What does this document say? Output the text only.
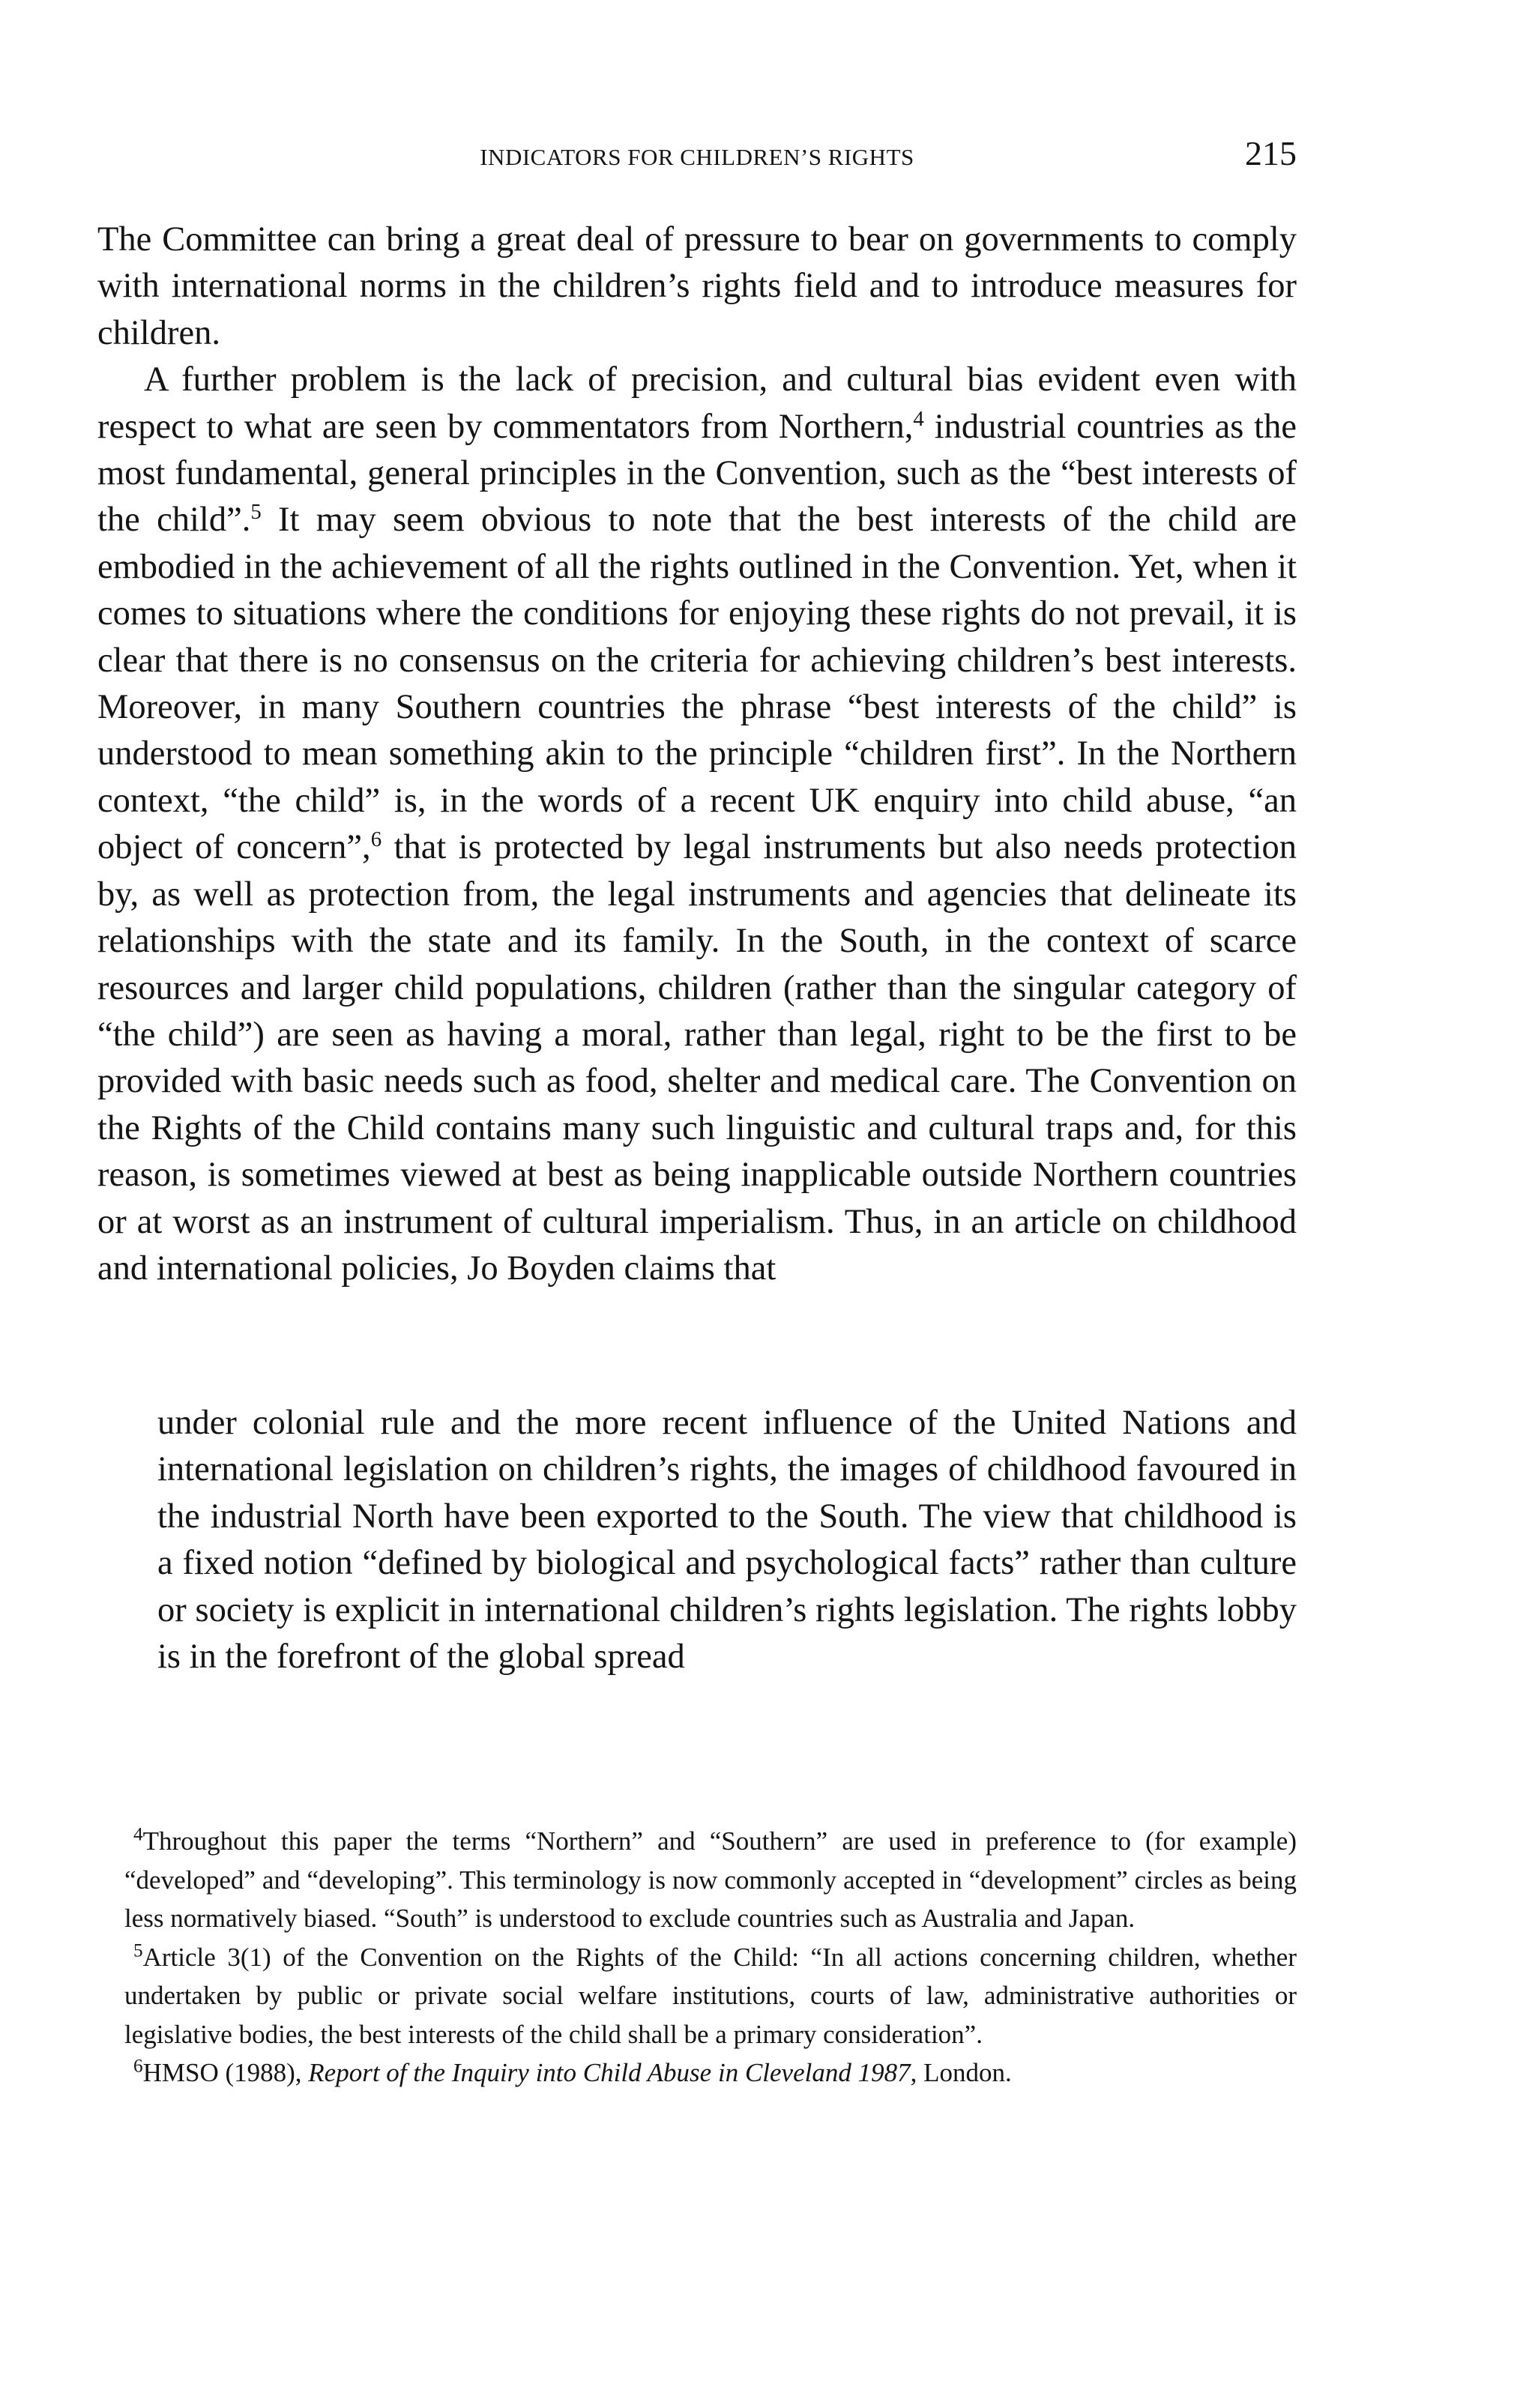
INDICATORS FOR CHILDREN’S RIGHTS	215

The Committee can bring a great deal of pressure to bear on governments to comply with international norms in the children’s rights field and to introduce measures for children.

A further problem is the lack of precision, and cultural bias evident even with respect to what are seen by commentators from Northern,$^4$ industrial countries as the most fundamental, general principles in the Convention, such as the “best interests of the child”.$^5$ It may seem obvious to note that the best interests of the child are embodied in the achievement of all the rights outlined in the Convention. Yet, when it comes to situations where the conditions for enjoying these rights do not prevail, it is clear that there is no consensus on the criteria for achieving children’s best interests. Moreover, in many Southern countries the phrase “best interests of the child” is understood to mean something akin to the principle “children first”. In the Northern context, “the child” is, in the words of a recent UK enquiry into child abuse, “an object of concern”,$^6$ that is protected by legal instruments but also needs protection by, as well as protection from, the legal instruments and agencies that delineate its relationships with the state and its family. In the South, in the context of scarce resources and larger child populations, children (rather than the singular category of “the child”) are seen as having a moral, rather than legal, right to be the first to be provided with basic needs such as food, shelter and medical care. The Convention on the Rights of the Child contains many such linguistic and cultural traps and, for this reason, is sometimes viewed at best as being inapplicable outside Northern countries or at worst as an instrument of cultural imperialism. Thus, in an article on childhood and international policies, Jo Boyden claims that

under colonial rule and the more recent influence of the United Nations and international legislation on children’s rights, the images of childhood favoured in the industrial North have been exported to the South. The view that childhood is a fixed notion “defined by biological and psychological facts” rather than culture or society is explicit in international children’s rights legislation. The rights lobby is in the forefront of the global spread

$^4$Throughout this paper the terms “Northern” and “Southern” are used in preference to (for example) “developed” and “developing”. This terminology is now commonly accepted in “development” circles as being less normatively biased. “South” is understood to exclude countries such as Australia and Japan.

$^5$Article 3(1) of the Convention on the Rights of the Child: “In all actions concerning children, whether undertaken by public or private social welfare institutions, courts of law, administrative authorities or legislative bodies, the best interests of the child shall be a primary consideration”.

$^6$HMSO (1988), Report of the Inquiry into Child Abuse in Cleveland 1987, London.
